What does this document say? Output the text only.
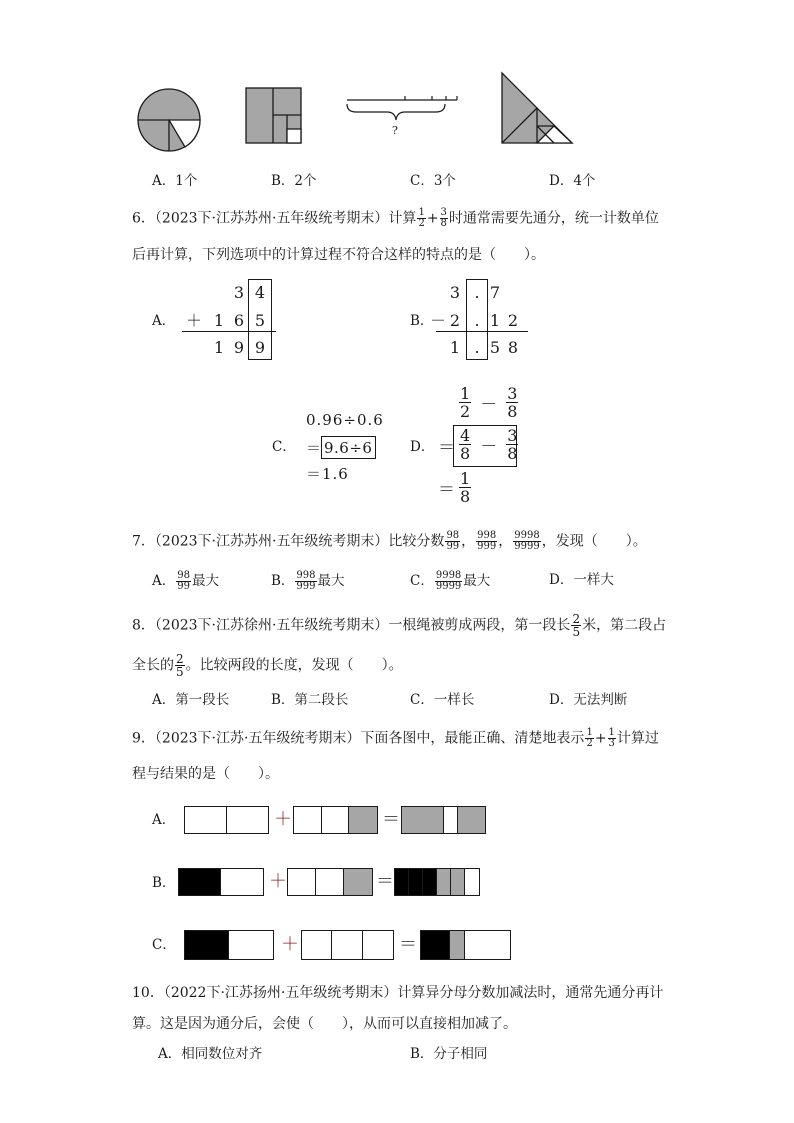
?
A．1个	B．2个	C．3个	D．4个
6．（2023下·江苏苏州·五年级统考期末）计算 $\frac{1}{2} + \frac{3}{8}$ 时通常需要先通分，统一计数单位
后再计算，下列选项中的计算过程不符合这样的特点的是（　　）。
A．
3 4
＋ 1 6 5
1 9 9
B．
3 . 7
－ 2 . 1 2
1 . 5 8
C．
0.96÷0.6
＝ 9.6÷6
＝1.6
D．
$\frac{1}{2} - \frac{3}{8}$
＝ $\frac{4}{8} - \frac{3}{8}$
＝ $\frac{1}{8}$
7．（2023下·江苏苏州·五年级统考期末）比较分数 $\frac{98}{99}$ ， $\frac{998}{999}$ ， $\frac{9998}{9999}$ ，发现（　　）。
A． $\frac{98}{99}$ 最大	B． $\frac{998}{999}$ 最大	C． $\frac{9998}{9999}$ 最大	D．一样大
8．（2023下·江苏徐州·五年级统考期末）一根绳被剪成两段，第一段长 $\frac{2}{5}$ 米，第二段占
全长的 $\frac{2}{5}$ 。比较两段的长度，发现（　　）。
A．第一段长	B．第二段长	C．一样长	D．无法判断
9．（2023下·江苏·五年级统考期末）下面各图中，最能正确、清楚地表示 $\frac{1}{2} + \frac{1}{3}$ 计算过
程与结果的是（　　）。
A．	＋	＝
B．	＋	＝
C．	＋	＝
10．（2022下·江苏扬州·五年级统考期末）计算异分母分数加减法时，通常先通分再计
算。这是因为通分后，会使（　　），从而可以直接相加减了。
A．相同数位对齐	B．分子相同
